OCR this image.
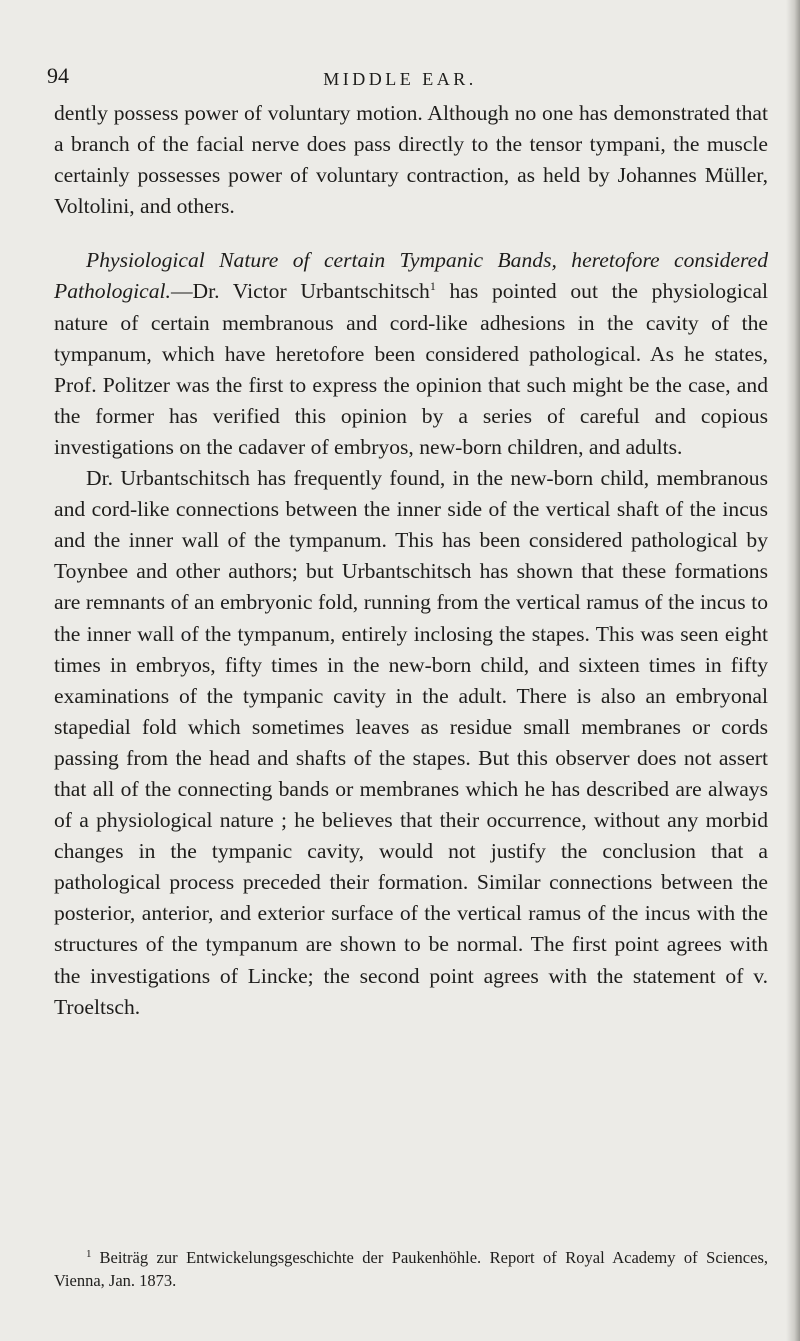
94	MIDDLE EAR.

dently possess power of voluntary motion. Although no one has demonstrated that a branch of the facial nerve does pass directly to the tensor tympani, the muscle certainly possesses power of voluntary contraction, as held by Johannes Müller, Voltolini, and others.

Physiological Nature of certain Tympanic Bands, heretofore considered Pathological.—Dr. Victor Urbantschitsch$^1$ has pointed out the physiological nature of certain membranous and cord-like adhesions in the cavity of the tympanum, which have heretofore been considered pathological. As he states, Prof. Politzer was the first to express the opinion that such might be the case, and the former has verified this opinion by a series of careful and copious investigations on the cadaver of embryos, new-born children, and adults.

Dr. Urbantschitsch has frequently found, in the new-born child, membranous and cord-like connections between the inner side of the vertical shaft of the incus and the inner wall of the tympanum. This has been considered pathological by Toynbee and other authors; but Urbantschitsch has shown that these formations are remnants of an embryonic fold, running from the vertical ramus of the incus to the inner wall of the tympanum, entirely inclosing the stapes. This was seen eight times in embryos, fifty times in the new-born child, and sixteen times in fifty examinations of the tympanic cavity in the adult. There is also an embryonal stapedial fold which sometimes leaves as residue small membranes or cords passing from the head and shafts of the stapes. But this observer does not assert that all of the connecting bands or membranes which he has described are always of a physiological nature ; he believes that their occurrence, without any morbid changes in the tympanic cavity, would not justify the conclusion that a pathological process preceded their formation. Similar connections between the posterior, anterior, and exterior surface of the vertical ramus of the incus with the structures of the tympanum are shown to be normal. The first point agrees with the investigations of Lincke; the second point agrees with the statement of v. Troeltsch.

$^1$ Beiträg zur Entwickelungsgeschichte der Paukenhöhle. Report of Royal Academy of Sciences, Vienna, Jan. 1873.
